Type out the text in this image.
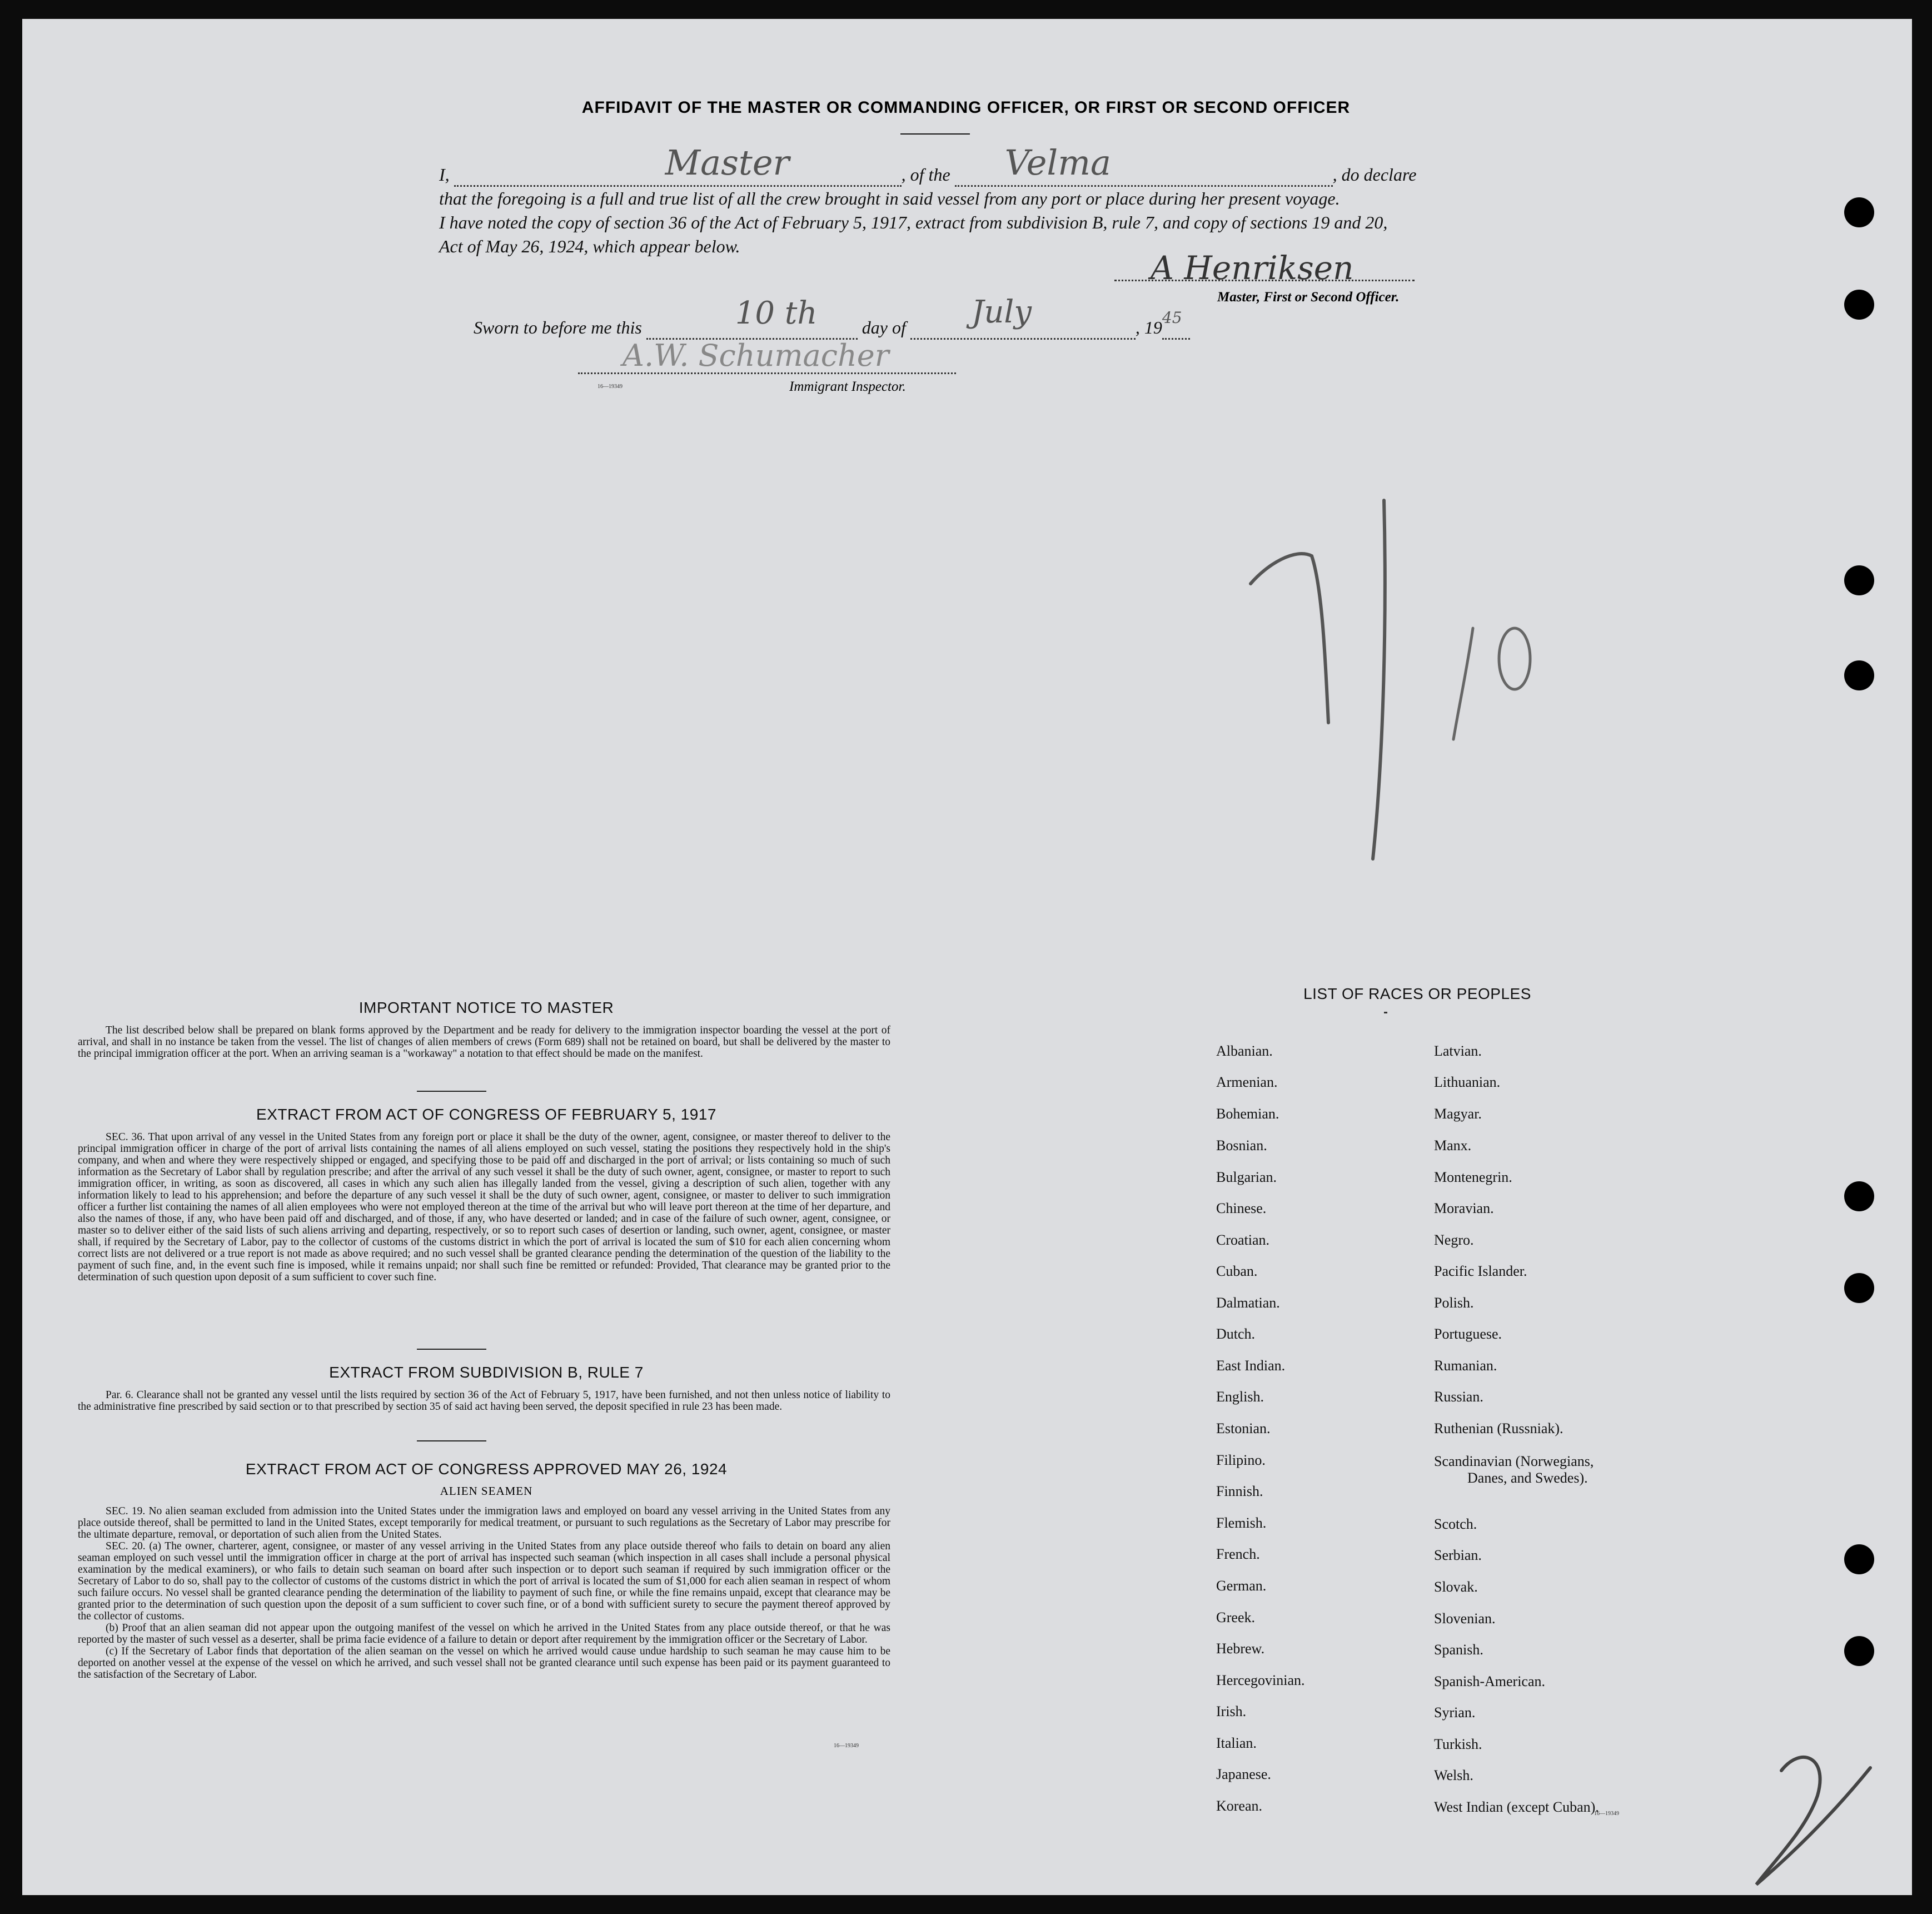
AFFIDAVIT OF THE MASTER OR COMMANDING OFFICER, OR FIRST OR SECOND OFFICER
I,	Master	, of the Velma	, do declare
that the foregoing is a full and true list of all the crew brought in said vessel from any port or place during her present voyage.
I have noted the copy of section 36 of the Act of February 5, 1917, extract from subdivision B, rule 7, and copy of sections 19 and 20,
Act of May 26, 1924, which appear below.
A Henriksen
Master, First or Second Officer.
Sworn to before me this	10 th	day of July	, 19 45

A.W. Schumacher
16—19349	Immigrant Inspector.
IMPORTANT NOTICE TO MASTER

The list described below shall be prepared on blank forms approved by the Department and be ready for delivery to the immigration inspector boarding the vessel at the port of arrival, and shall in no instance be taken from the vessel. The list of changes of alien members of crews (Form 689) shall not be retained on board, but shall be delivered by the master to the principal immigration officer at the port. When an arriving seaman is a "workaway" a notation to that effect should be made on the manifest.

EXTRACT FROM ACT OF CONGRESS OF FEBRUARY 5, 1917

SEC. 36. That upon arrival of any vessel in the United States from any foreign port or place it shall be the duty of the owner, agent, consignee, or master thereof to deliver to the principal immigration officer in charge of the port of arrival lists containing the names of all aliens employed on such vessel, stating the positions they respectively hold in the ship's company, and when and where they were respectively shipped or engaged, and specifying those to be paid off and discharged in the port of arrival; or lists containing so much of such information as the Secretary of Labor shall by regulation prescribe; and after the arrival of any such vessel it shall be the duty of such owner, agent, consignee, or master to report to such immigration officer, in writing, as soon as discovered, all cases in which any such alien has illegally landed from the vessel, giving a description of such alien, together with any information likely to lead to his apprehension; and before the departure of any such vessel it shall be the duty of such owner, agent, consignee, or master to deliver to such immigration officer a further list containing the names of all alien employees who were not employed thereon at the time of the arrival but who will leave port thereon at the time of her departure, and also the names of those, if any, who have been paid off and discharged, and of those, if any, who have deserted or landed; and in case of the failure of such owner, agent, consignee, or master so to deliver either of the said lists of such aliens arriving and departing, respectively, or so to report such cases of desertion or landing, such owner, agent, consignee, or master shall, if required by the Secretary of Labor, pay to the collector of customs of the customs district in which the port of arrival is located the sum of $10 for each alien concerning whom correct lists are not delivered or a true report is not made as above required; and no such vessel shall be granted clearance pending the determination of the question of the liability to the payment of such fine, and, in the event such fine is imposed, while it remains unpaid; nor shall such fine be remitted or refunded: Provided, That clearance may be granted prior to the determination of such question upon deposit of a sum sufficient to cover such fine.

EXTRACT FROM SUBDIVISION B, RULE 7

Par. 6. Clearance shall not be granted any vessel until the lists required by section 36 of the Act of February 5, 1917, have been furnished, and not then unless notice of liability to the administrative fine prescribed by said section or to that prescribed by section 35 of said act having been served, the deposit specified in rule 23 has been made.

EXTRACT FROM ACT OF CONGRESS APPROVED MAY 26, 1924
ALIEN SEAMEN

SEC. 19. No alien seaman excluded from admission into the United States under the immigration laws and employed on board any vessel arriving in the United States from any place outside thereof, shall be permitted to land in the United States, except temporarily for medical treatment, or pursuant to such regulations as the Secretary of Labor may prescribe for the ultimate departure, removal, or deportation of such alien from the United States.

SEC. 20. (a) The owner, charterer, agent, consignee, or master of any vessel arriving in the United States from any place outside thereof who fails to detain on board any alien seaman employed on such vessel until the immigration officer in charge at the port of arrival has inspected such seaman (which inspection in all cases shall include a personal physical examination by the medical examiners), or who fails to detain such seaman on board after such inspection or to deport such seaman if required by such immigration officer or the Secretary of Labor to do so, shall pay to the collector of customs of the customs district in which the port of arrival is located the sum of $1,000 for each alien seaman in respect of whom such failure occurs. No vessel shall be granted clearance pending the determination of the liability to payment of such fine, or while the fine remains unpaid, except that clearance may be granted prior to the determination of such question upon the deposit of a sum sufficient to cover such fine, or of a bond with sufficient surety to secure the payment thereof approved by the collector of customs.

(b) Proof that an alien seaman did not appear upon the outgoing manifest of the vessel on which he arrived in the United States from any place outside thereof, or that he was reported by the master of such vessel as a deserter, shall be prima facie evidence of a failure to detain or deport after requirement by the immigration officer or the Secretary of Labor.

(c) If the Secretary of Labor finds that deportation of the alien seaman on the vessel on which he arrived would cause undue hardship to such seaman he may cause him to be deported on another vessel at the expense of the vessel on which he arrived, and such vessel shall not be granted clearance until such expense has been paid or its payment guaranteed to the satisfaction of the Secretary of Labor.

16—19349
LIST OF RACES OR PEOPLES
Albanian.
Armenian.
Bohemian.
Bosnian.
Bulgarian.
Chinese.
Croatian.
Cuban.
Dalmatian.
Dutch.
East Indian.
English.
Estonian.
Filipino.
Finnish.
Flemish.
French.
German.
Greek.
Hebrew.
Hercegovinian.
Irish.
Italian.
Japanese.
Korean.
Latvian.
Lithuanian.
Magyar.
Manx.
Montenegrin.
Moravian.
Negro.
Pacific Islander.
Polish.
Portuguese.
Rumanian.
Russian.
Ruthenian (Russniak).
Scandinavian (Norwegians,
Danes, and Swedes).
Scotch.
Serbian.
Slovak.
Slovenian.
Spanish.
Spanish-American.
Syrian.
Turkish.
Welsh.
West Indian (except Cuban).
16—19349
